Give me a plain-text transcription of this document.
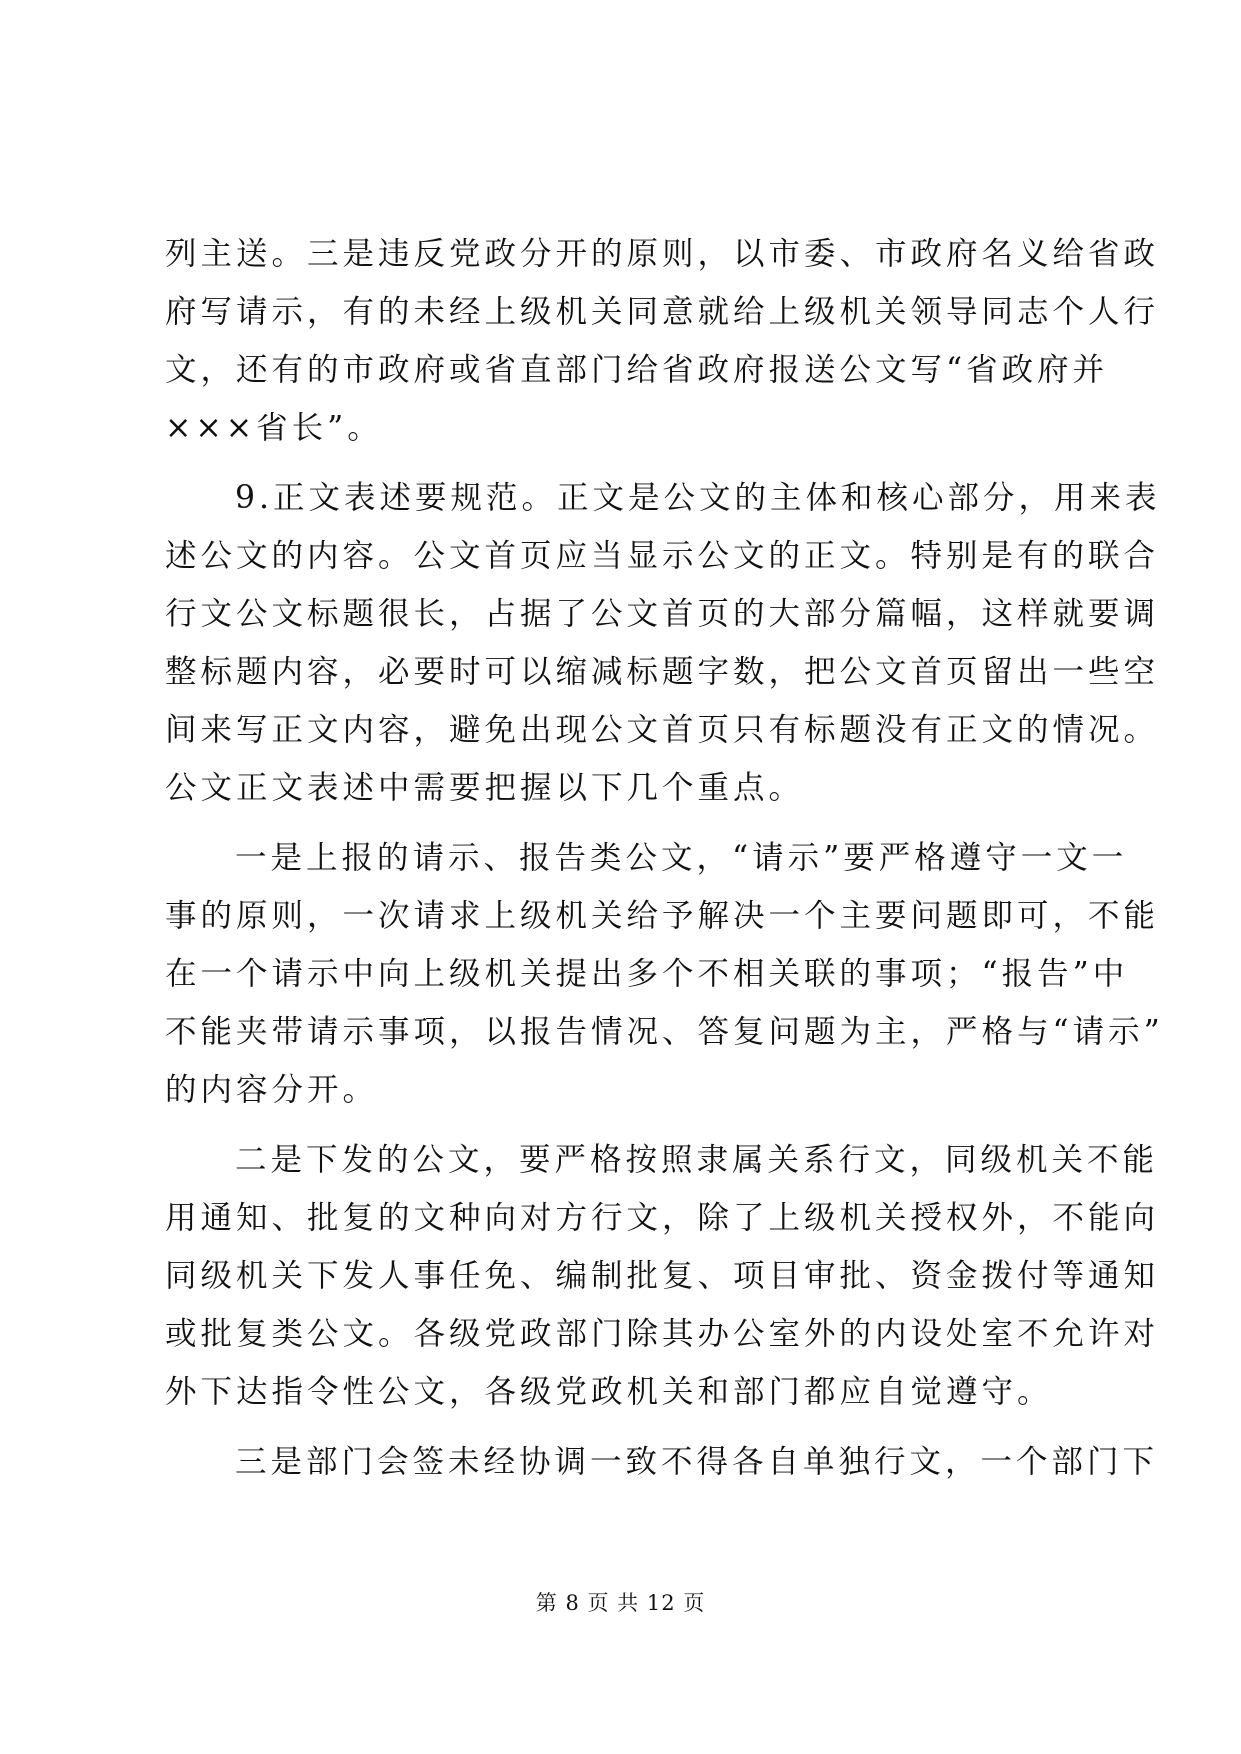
列主送。三是违反党政分开的原则，以市委、市政府名义给省政
府写请示，有的未经上级机关同意就给上级机关领导同志个人行
文，还有的市政府或省直部门给省政府报送公文写“省政府并
×××省长”。
9.正文表述要规范。正文是公文的主体和核心部分，用来表
述公文的内容。公文首页应当显示公文的正文。特别是有的联合
行文公文标题很长，占据了公文首页的大部分篇幅，这样就要调
整标题内容，必要时可以缩减标题字数，把公文首页留出一些空
间来写正文内容，避免出现公文首页只有标题没有正文的情况。
公文正文表述中需要把握以下几个重点。
一是上报的请示、报告类公文，“请示”要严格遵守一文一
事的原则，一次请求上级机关给予解决一个主要问题即可，不能
在一个请示中向上级机关提出多个不相关联的事项；“报告”中
不能夹带请示事项，以报告情况、答复问题为主，严格与“请示”
的内容分开。
二是下发的公文，要严格按照隶属关系行文，同级机关不能
用通知、批复的文种向对方行文，除了上级机关授权外，不能向
同级机关下发人事任免、编制批复、项目审批、资金拨付等通知
或批复类公文。各级党政部门除其办公室外的内设处室不允许对
外下达指令性公文，各级党政机关和部门都应自觉遵守。
三是部门会签未经协调一致不得各自单独行文，一个部门下
第 8 页 共 12 页
